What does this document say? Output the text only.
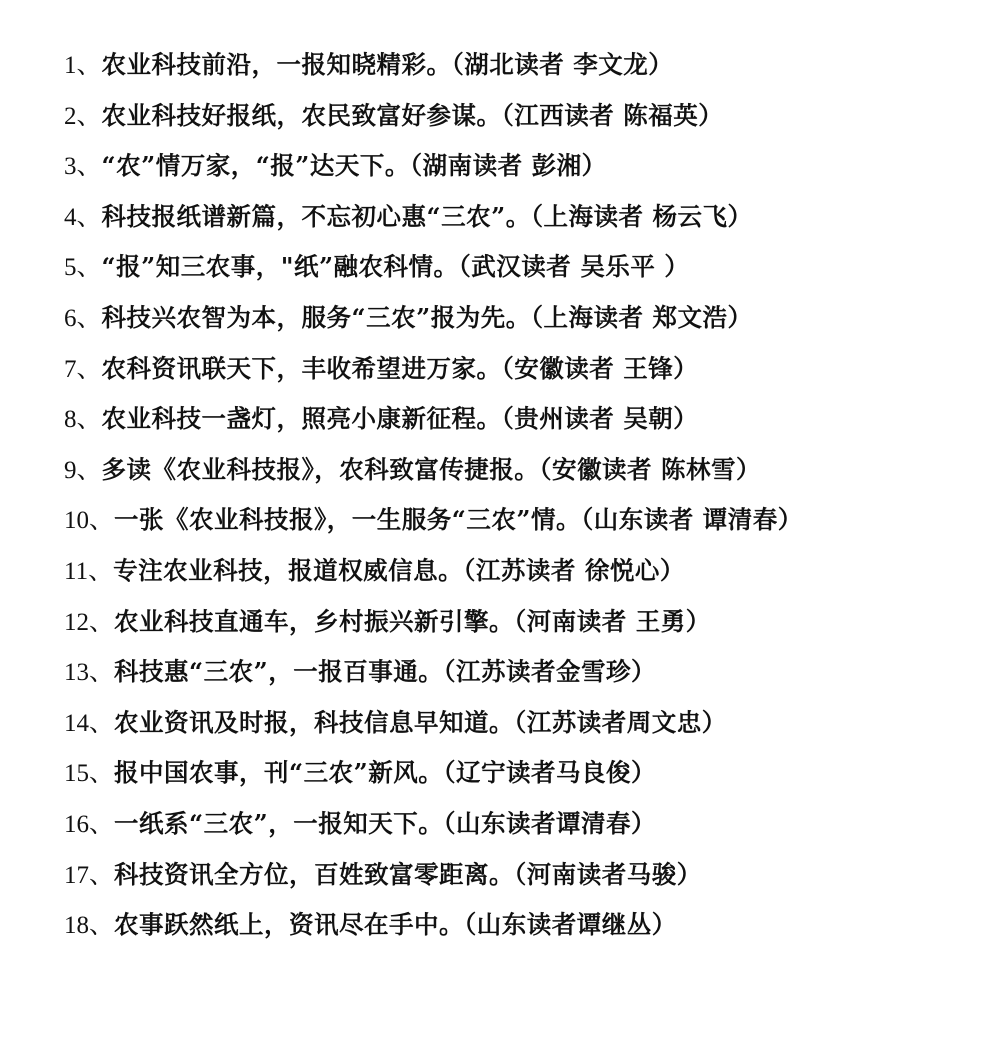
1、农业科技前沿，一报知晓精彩。（湖北读者 李文龙）
2、农业科技好报纸，农民致富好参谋。（江西读者 陈福英）
3、“农”情万家，“报”达天下。（湖南读者 彭湘）
4、科技报纸谱新篇，不忘初心惠“三农”。（上海读者 杨云飞）
5、“报”知三农事，"纸”融农科情。（武汉读者 吴乐平 ）
6、科技兴农智为本，服务“三农”报为先。（上海读者 郑文浩）
7、农科资讯联天下，丰收希望进万家。（安徽读者 王锋）
8、农业科技一盏灯，照亮小康新征程。（贵州读者 吴朝）
9、多读《农业科技报》，农科致富传捷报。（安徽读者 陈林雪）
10、一张《农业科技报》，一生服务“三农”情。（山东读者 谭清春）
11、专注农业科技，报道权威信息。（江苏读者 徐悦心）
12、农业科技直通车，乡村振兴新引擎。（河南读者 王勇）
13、科技惠“三农”，一报百事通。（江苏读者金雪珍）
14、农业资讯及时报，科技信息早知道。（江苏读者周文忠）
15、报中国农事，刊“三农”新风。（辽宁读者马良俊）
16、一纸系“三农”，一报知天下。（山东读者谭清春）
17、科技资讯全方位，百姓致富零距离。（河南读者马骏）
18、农事跃然纸上，资讯尽在手中。（山东读者谭继丛）
